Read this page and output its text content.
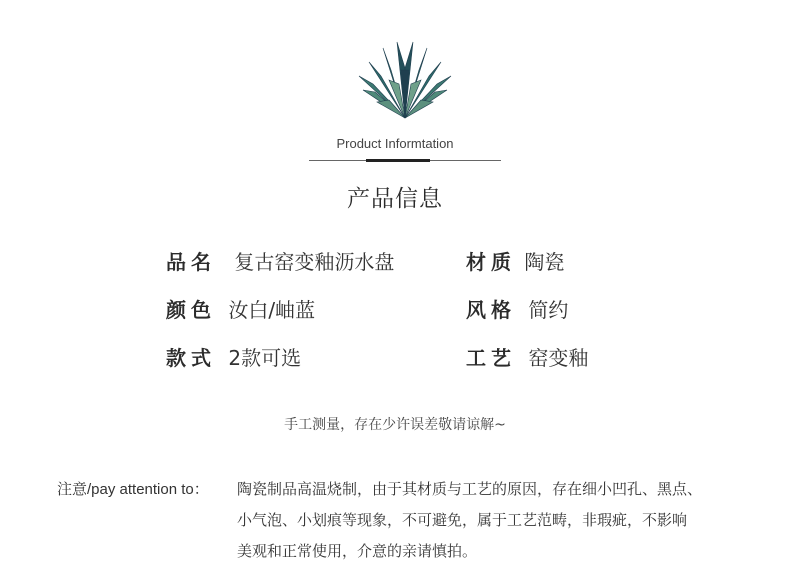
Product Informtation
产品信息
品名 复古窑变釉沥水盘	材质 陶瓷
颜色 汝白/岫蓝	风格 简约
款式 2款可选	工艺 窑变釉
手工测量，存在少许误差敬请谅解~
注意/pay attention to： 陶瓷制品高温烧制，由于其材质与工艺的原因，存在细小凹孔、黑点、
小气泡、小划痕等现象，不可避免，属于工艺范畴，非瑕疵，不影响
美观和正常使用，介意的亲请慎拍。
